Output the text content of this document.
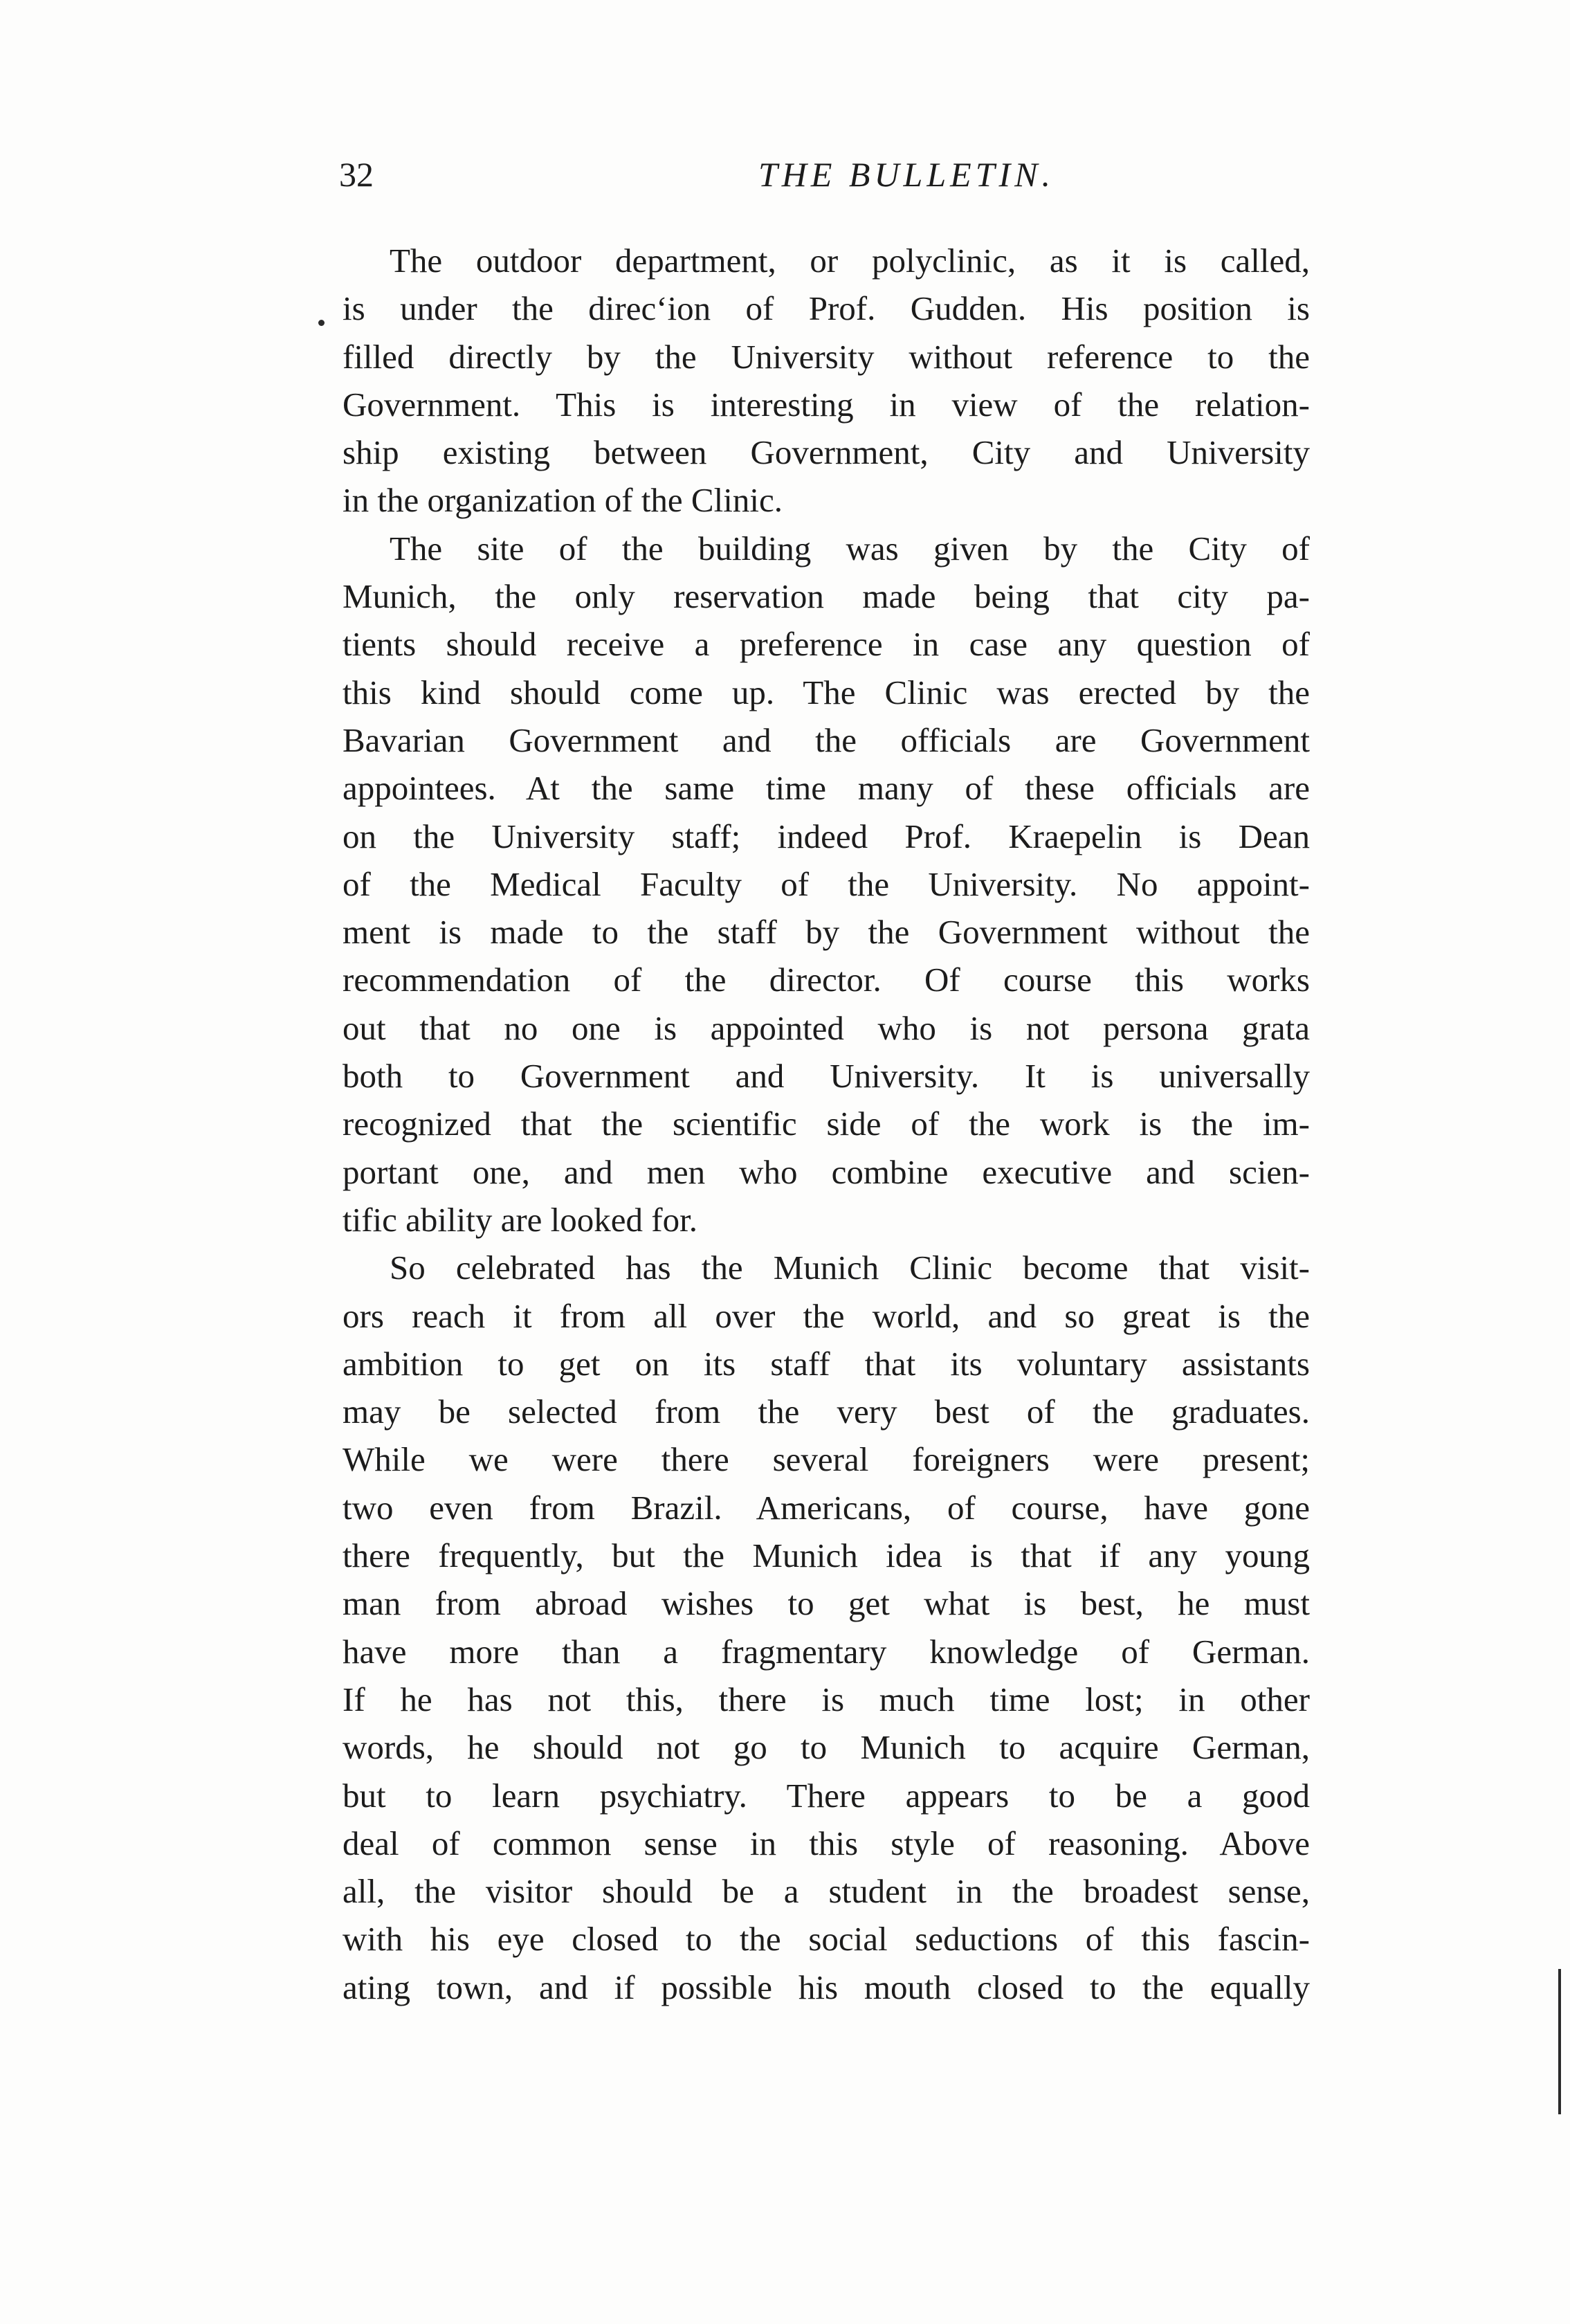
32	THE BULLETIN.
The outdoor department, or polyclinic, as it is called,
is under the direc‘ion of Prof. Gudden. His position is
filled directly by the University without reference to the
Government. This is interesting in view of the relation-
ship existing between Government, City and University
in the organization of the Clinic.
The site of the building was given by the City of
Munich, the only reservation made being that city pa-
tients should receive a preference in case any question of
this kind should come up. The Clinic was erected by the
Bavarian Government and the officials are Government
appointees. At the same time many of these officials are
on the University staff; indeed Prof. Kraepelin is Dean
of the Medical Faculty of the University. No appoint-
ment is made to the staff by the Government without the
recommendation of the director. Of course this works
out that no one is appointed who is not persona grata
both to Government and University. It is universally
recognized that the scientific side of the work is the im-
portant one, and men who combine executive and scien-
tific ability are looked for.
So celebrated has the Munich Clinic become that visit-
ors reach it from all over the world, and so great is the
ambition to get on its staff that its voluntary assistants
may be selected from the very best of the graduates.
While we were there several foreigners were present;
two even from Brazil. Americans, of course, have gone
there frequently, but the Munich idea is that if any young
man from abroad wishes to get what is best, he must
have more than a fragmentary knowledge of German.
If he has not this, there is much time lost; in other
words, he should not go to Munich to acquire German,
but to learn psychiatry. There appears to be a good
deal of common sense in this style of reasoning. Above
all, the visitor should be a student in the broadest sense,
with his eye closed to the social seductions of this fascin-
ating town, and if possible his mouth closed to the equally
